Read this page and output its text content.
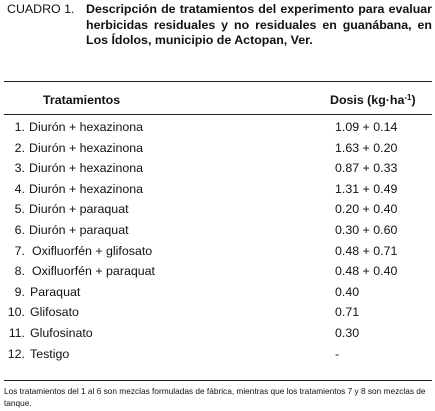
CUADRO 1. Descripción de tratamientos del experimento para evaluar herbicidas residuales y no residuales en guanábana, en Los Ídolos, municipio de Actopan, Ver.
Tratamientos	Dosis $(kg\cdot ha^{-1})$
1. Diurón + hexazinona	1.09 + 0.14
2. Diurón + hexazinona	1.63 + 0.20
3. Diurón + hexazinona	0.87 + 0.33
4. Diurón + hexazinona	1.31 + 0.49
5. Diurón + paraquat	0.20 + 0.40
6. Diurón + paraquat	0.30 + 0.60
7. Oxifluorfén + glifosato	0.48 + 0.71
8. Oxifluorfén + paraquat	0.48 + 0.40
9. Paraquat	0.40
10. Glifosato	0.71
11. Glufosinato	0.30
12. Testigo	-
Los tratamientos del 1 al 6 son mezclas formuladas de fábrica, mientras que los tratamientos 7 y 8 son mezclas de tanque.
